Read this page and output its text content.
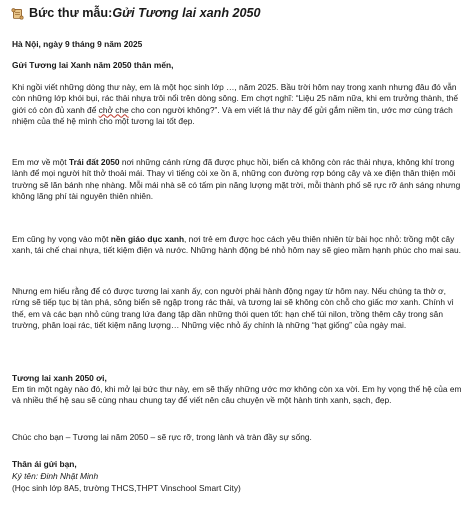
Bức thư mẫu: Gửi Tương lai xanh 2050
Hà Nội, ngày 9 tháng 9 năm 2025
Gửi Tương lai Xanh năm 2050 thân mến,
Khi ngồi viết những dòng thư này, em là một học sinh lớp …, năm 2025. Bầu trời hôm nay trong xanh nhưng đâu đó vẫn còn những lớp khói bụi, rác thải nhựa trôi nổi trên dòng sông. Em chợt nghĩ: “Liệu 25 năm nữa, khi em trưởng thành, thế giới có còn đủ xanh để chở che cho con người không?”. Và em viết lá thư này để gửi gắm niềm tin, ước mơ cùng trách nhiệm của thế hệ mình cho một tương lai tốt đẹp.
Em mơ về một Trái đất 2050 nơi những cánh rừng đã được phục hồi, biển cả không còn rác thải nhựa, không khí trong lành để mọi người hít thở thoải mái. Thay vì tiếng còi xe ồn ã, những con đường rợp bóng cây và xe điện thân thiện môi trường sẽ lăn bánh nhẹ nhàng. Mỗi mái nhà sẽ có tấm pin năng lượng mặt trời, mỗi thành phố sẽ rực rỡ ánh sáng nhưng không lãng phí tài nguyên thiên nhiên.
Em cũng hy vọng vào một nền giáo dục xanh, nơi trẻ em được học cách yêu thiên nhiên từ bài học nhỏ: trồng một cây xanh, tái chế chai nhựa, tiết kiệm điện và nước. Những hành động bé nhỏ hôm nay sẽ gieo mầm hạnh phúc cho mai sau.
Nhưng em hiểu rằng để có được tương lai xanh ấy, con người phải hành động ngay từ hôm nay. Nếu chúng ta thờ ơ, rừng sẽ tiếp tục bị tàn phá, sông biển sẽ ngập trong rác thải, và tương lai sẽ không còn chỗ cho giấc mơ xanh. Chính vì thế, em và các bạn nhỏ cùng trang lứa đang tập dần những thói quen tốt: hạn chế túi nilon, trồng thêm cây trong sân trường, phân loại rác, tiết kiệm năng lượng… Những việc nhỏ ấy chính là những “hạt giống” của ngày mai.
Tương lai xanh 2050 ơi,
Em tin một ngày nào đó, khi mở lại bức thư này, em sẽ thấy những ước mơ không còn xa vời. Em hy vọng thế hệ của em và nhiều thế hệ sau sẽ cùng nhau chung tay để viết nên câu chuyện về một hành tinh xanh, sạch, đẹp.
Chúc cho bạn – Tương lai năm 2050 – sẽ rực rỡ, trong lành và tràn đầy sự sống.
Thân ái gửi bạn,
Ký tên: Đinh Nhật Minh
(Học sinh lớp 8A5, trường THCS,THPT Vinschool Smart City)
